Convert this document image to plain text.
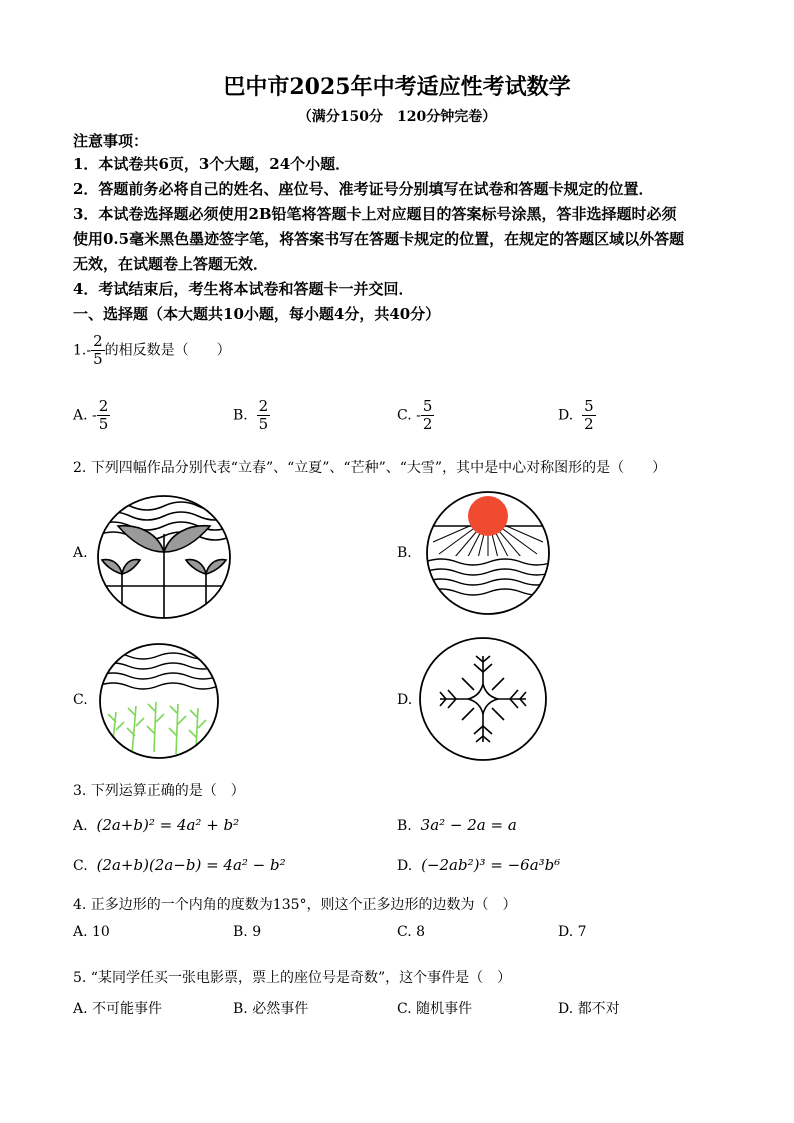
巴中市2025年中考适应性考试数学
（满分150分　120分钟完卷）
注意事项：
1．本试卷共6页，3个大题，24个小题．
2．答题前务必将自己的姓名、座位号、准考证号分别填写在试卷和答题卡规定的位置．
3．本试卷选择题必须使用2B铅笔将答题卡上对应题目的答案标号涂黑，答非选择题时必须
使用0.5毫米黑色墨迹签字笔，将答案书写在答题卡规定的位置，在规定的答题区域以外答题
无效，在试题卷上答题无效．
4．考试结束后，考生将本试卷和答题卡一并交回．
一、选择题（本大题共10小题，每小题4分，共40分）
$1.- \frac{2}{5}$ 的相反数是（　　）
A. - $\frac{2}{5}$	B. $\frac{2}{5}$	C. - $\frac{5}{2}$	D. $\frac{5}{2}$
2. 下列四幅作品分别代表“立春”、“立夏”、“芒种”、“大雪”，其中是中心对称图形的是（　　）
A.	B.
C.	D.
3. 下列运算正确的是（　）
A. (2a+b)² = 4a² + b²	B. 3a² − 2a = a
C. (2a+b)(2a−b) = 4a² − b²	D. (−2ab²)³ = −6a³b⁶
4. 正多边形的一个内角的度数为135°，则这个正多边形的边数为（　）
A. 10	B. 9	C. 8	D. 7
5. “某同学任买一张电影票，票上的座位号是奇数”，这个事件是（　）
A. 不可能事件	B. 必然事件	C. 随机事件	D. 都不对
